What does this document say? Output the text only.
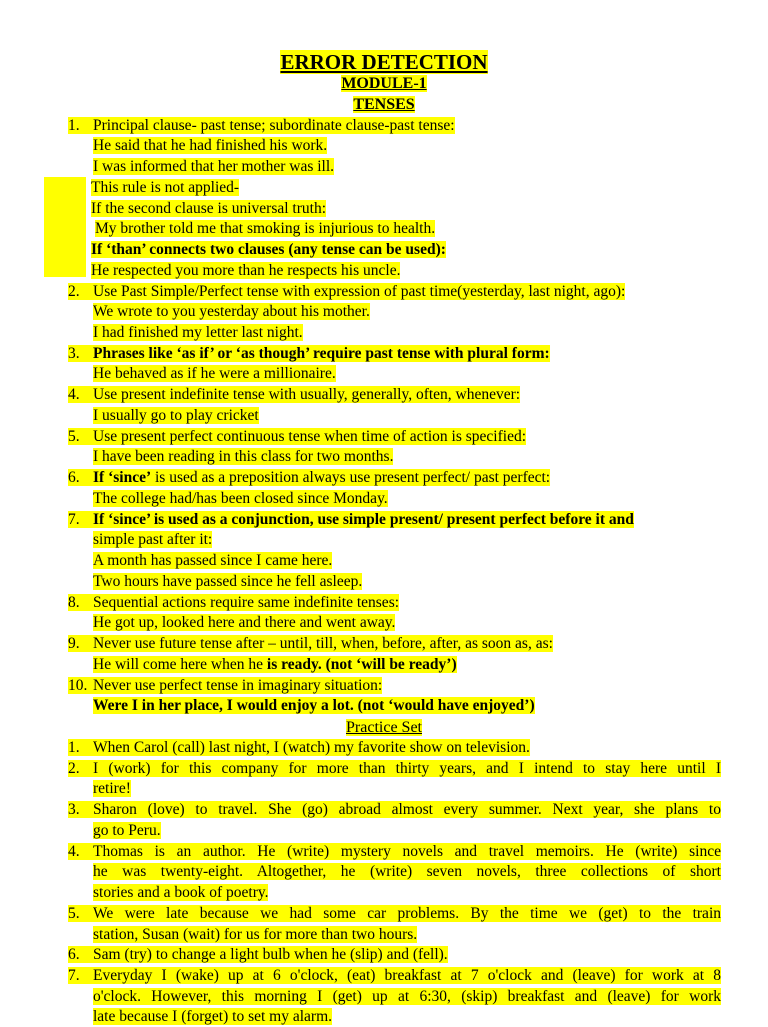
ERROR DETECTION
MODULE-1
TENSES
1. Principal clause- past tense; subordinate clause-past tense:
He said that he had finished his work.
I was informed that her mother was ill.
This rule is not applied-
If the second clause is universal truth:
My brother told me that smoking is injurious to health.
If ‘than’ connects two clauses (any tense can be used):
He respected you more than he respects his uncle.
2. Use Past Simple/Perfect tense with expression of past time(yesterday, last night, ago):
We wrote to you yesterday about his mother.
I had finished my letter last night.
3. Phrases like ‘as if’ or ‘as though’ require past tense with plural form:
He behaved as if he were a millionaire.
4. Use present indefinite tense with usually, generally, often, whenever:
I usually go to play cricket
5. Use present perfect continuous tense when time of action is specified:
I have been reading in this class for two months.
6. If ‘since’ is used as a preposition always use present perfect/ past perfect:
The college had/has been closed since Monday.
7. If ‘since’ is used as a conjunction, use simple present/ present perfect before it and
simple past after it:
A month has passed since I came here.
Two hours have passed since he fell asleep.
8. Sequential actions require same indefinite tenses:
He got up, looked here and there and went away.
9. Never use future tense after – until, till, when, before, after, as soon as, as:
He will come here when he is ready. (not ‘will be ready’)
10. Never use perfect tense in imaginary situation:
Were I in her place, I would enjoy a lot. (not ‘would have enjoyed’)
Practice Set
1. When Carol (call) last night, I (watch) my favorite show on television.
2. I (work) for this company for more than thirty years, and I intend to stay here until I
retire!
3. Sharon (love) to travel. She (go) abroad almost every summer. Next year, she plans to
go to Peru.
4. Thomas is an author. He (write) mystery novels and travel memoirs. He (write) since
he was twenty-eight. Altogether, he (write) seven novels, three collections of short
stories and a book of poetry.
5. We were late because we had some car problems. By the time we (get) to the train
station, Susan (wait) for us for more than two hours.
6. Sam (try) to change a light bulb when he (slip) and (fell).
7. Everyday I (wake) up at 6 o'clock, (eat) breakfast at 7 o'clock and (leave) for work at 8
o'clock. However, this morning I (get) up at 6:30, (skip) breakfast and (leave) for work
late because I (forget) to set my alarm.
